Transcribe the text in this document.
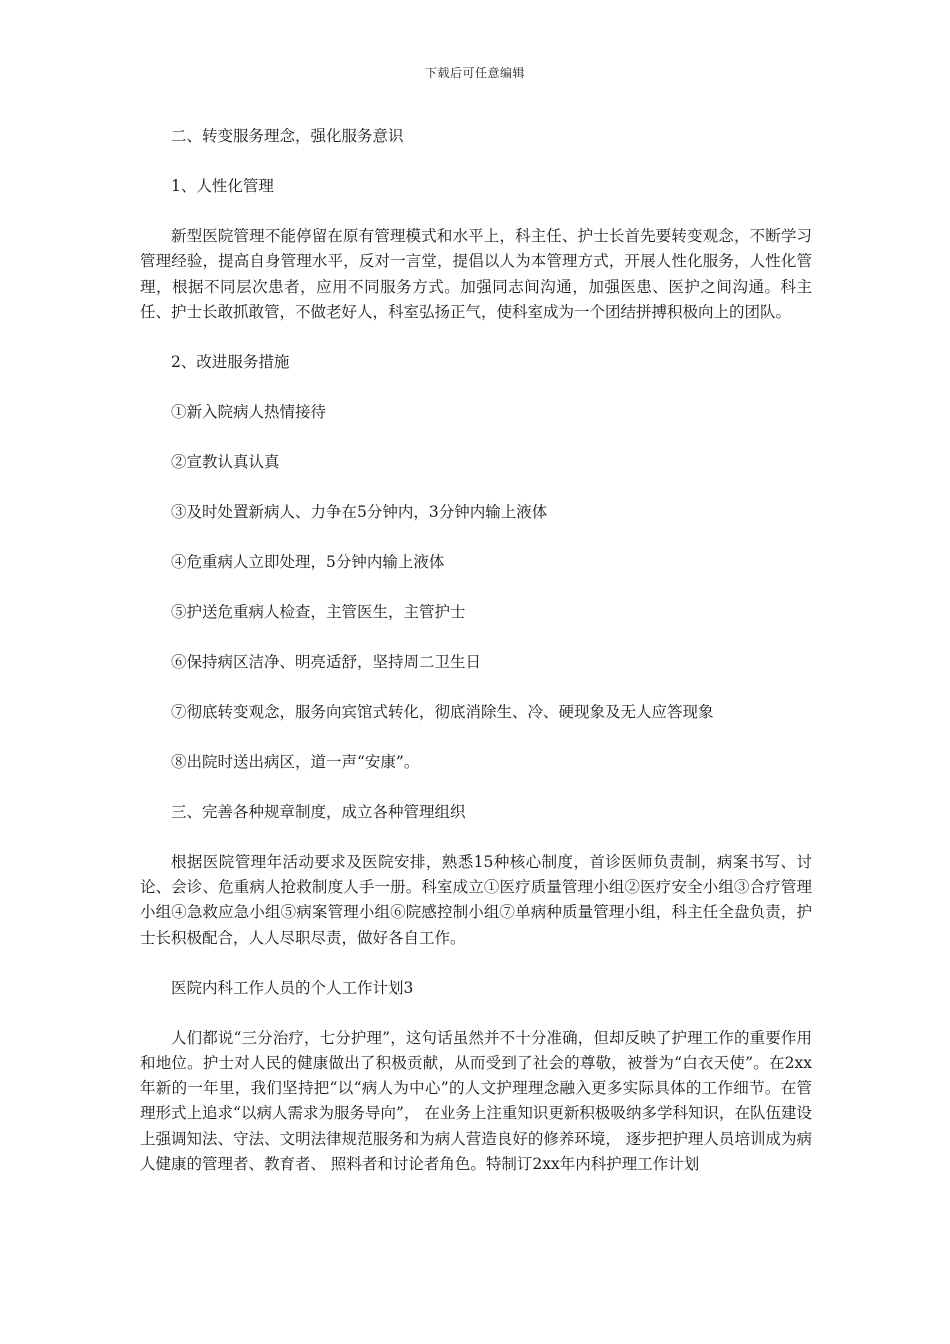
下载后可任意编辑

二、转变服务理念，强化服务意识

1、人性化管理

新型医院管理不能停留在原有管理模式和水平上，科主任、护士长首先要转变观念，不断学习管理经验，提高自身管理水平，反对一言堂，提倡以人为本管理方式，开展人性化服务，人性化管理，根据不同层次患者，应用不同服务方式。加强同志间沟通，加强医患、医护之间沟通。科主任、护士长敢抓敢管，不做老好人，科室弘扬正气，使科室成为一个团结拼搏积极向上的团队。

2、改进服务措施

①新入院病人热情接待

②宣教认真认真

③及时处置新病人、力争在5分钟内，3分钟内输上液体

④危重病人立即处理，5分钟内输上液体

⑤护送危重病人检查，主管医生，主管护士

⑥保持病区洁净、明亮适舒，坚持周二卫生日

⑦彻底转变观念，服务向宾馆式转化，彻底消除生、冷、硬现象及无人应答现象

⑧出院时送出病区，道一声“安康”。

三、完善各种规章制度，成立各种管理组织

根据医院管理年活动要求及医院安排，熟悉15种核心制度，首诊医师负责制，病案书写、讨论、会诊、危重病人抢救制度人手一册。科室成立①医疗质量管理小组②医疗安全小组③合疗管理小组④急救应急小组⑤病案管理小组⑥院感控制小组⑦单病种质量管理小组，科主任全盘负责，护士长积极配合，人人尽职尽责，做好各自工作。

医院内科工作人员的个人工作计划3

人们都说“三分治疗，七分护理”，这句话虽然并不十分准确，但却反映了护理工作的重要作用和地位。护士对人民的健康做出了积极贡献，从而受到了社会的尊敬，被誉为“白衣天使”。在2xx年新的一年里，我们坚持把“以“病人为中心”的人文护理理念融入更多实际具体的工作细节。在管理形式上追求“以病人需求为服务导向”， 在业务上注重知识更新积极吸纳多学科知识，在队伍建设上强调知法、守法、文明法律规范服务和为病人营造良好的修养环境， 逐步把护理人员培训成为病人健康的管理者、教育者、 照料者和讨论者角色。特制订2xx年内科护理工作计划
